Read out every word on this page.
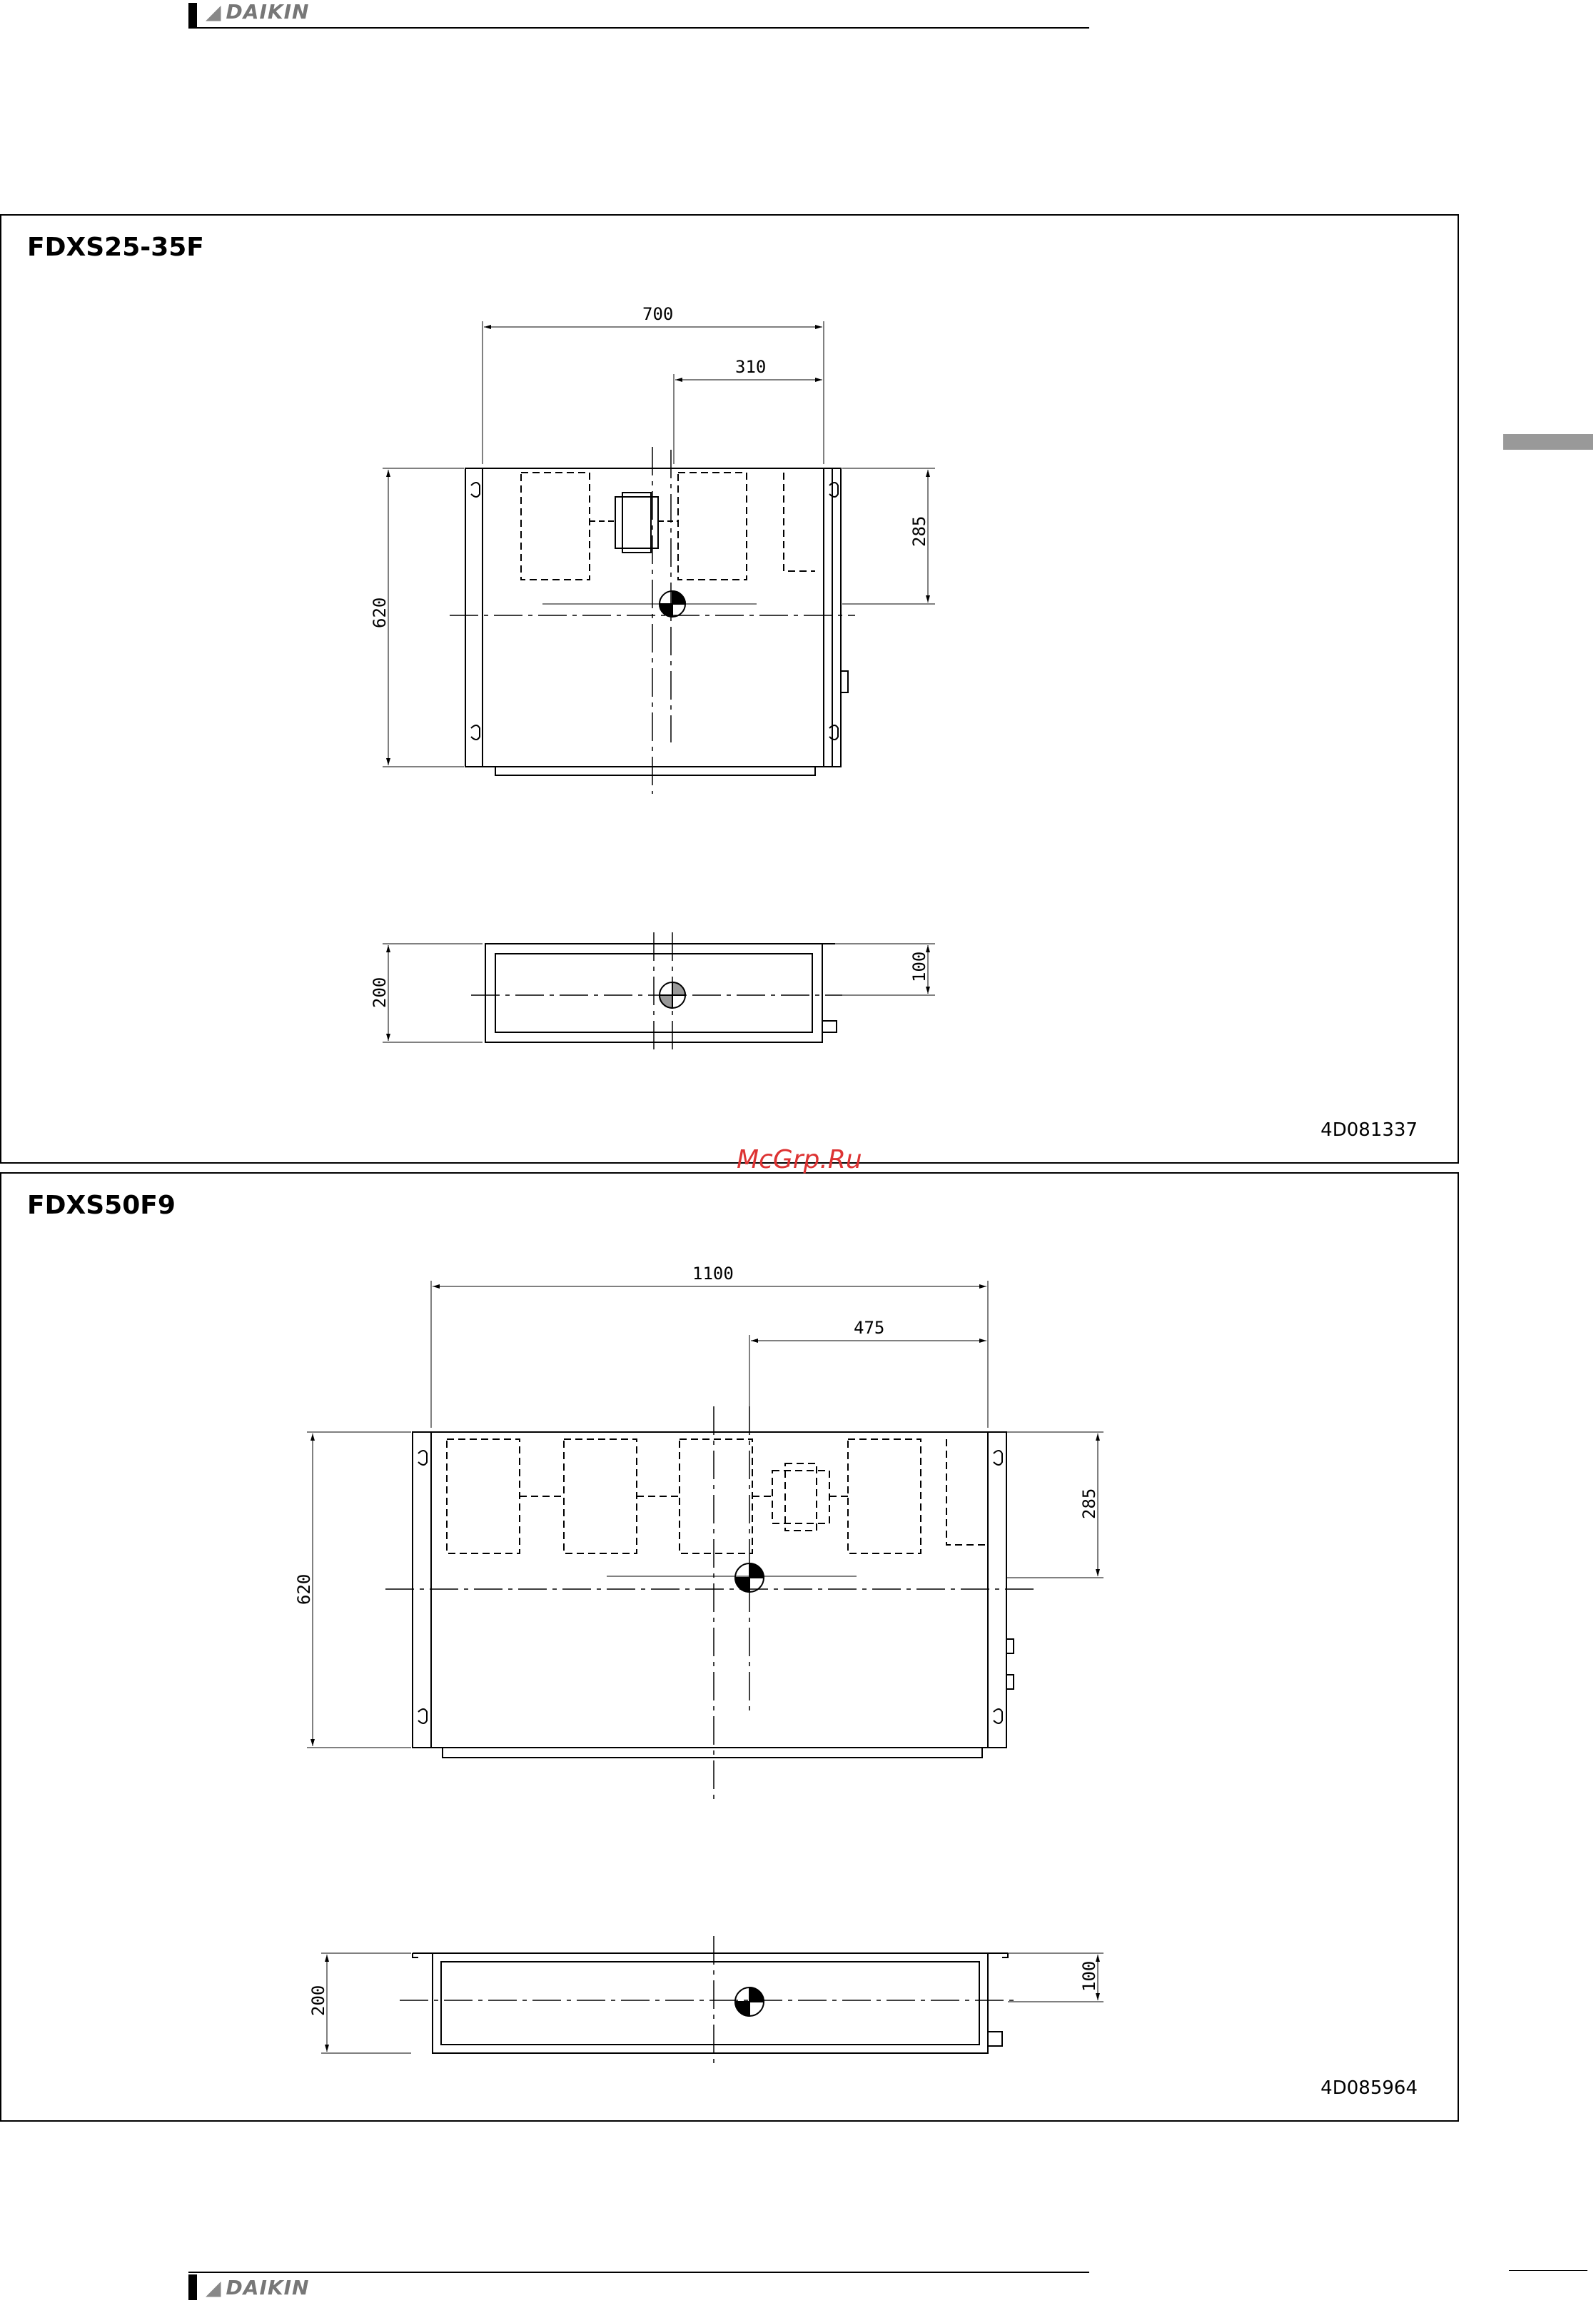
◢ DAIKIN
FDXS25-35F
4D081337
FDXS50F9
4D085964
McGrp.Ru
700
310
620
285
200
100
1100
475
620
285
200
100
◢ DAIKIN
